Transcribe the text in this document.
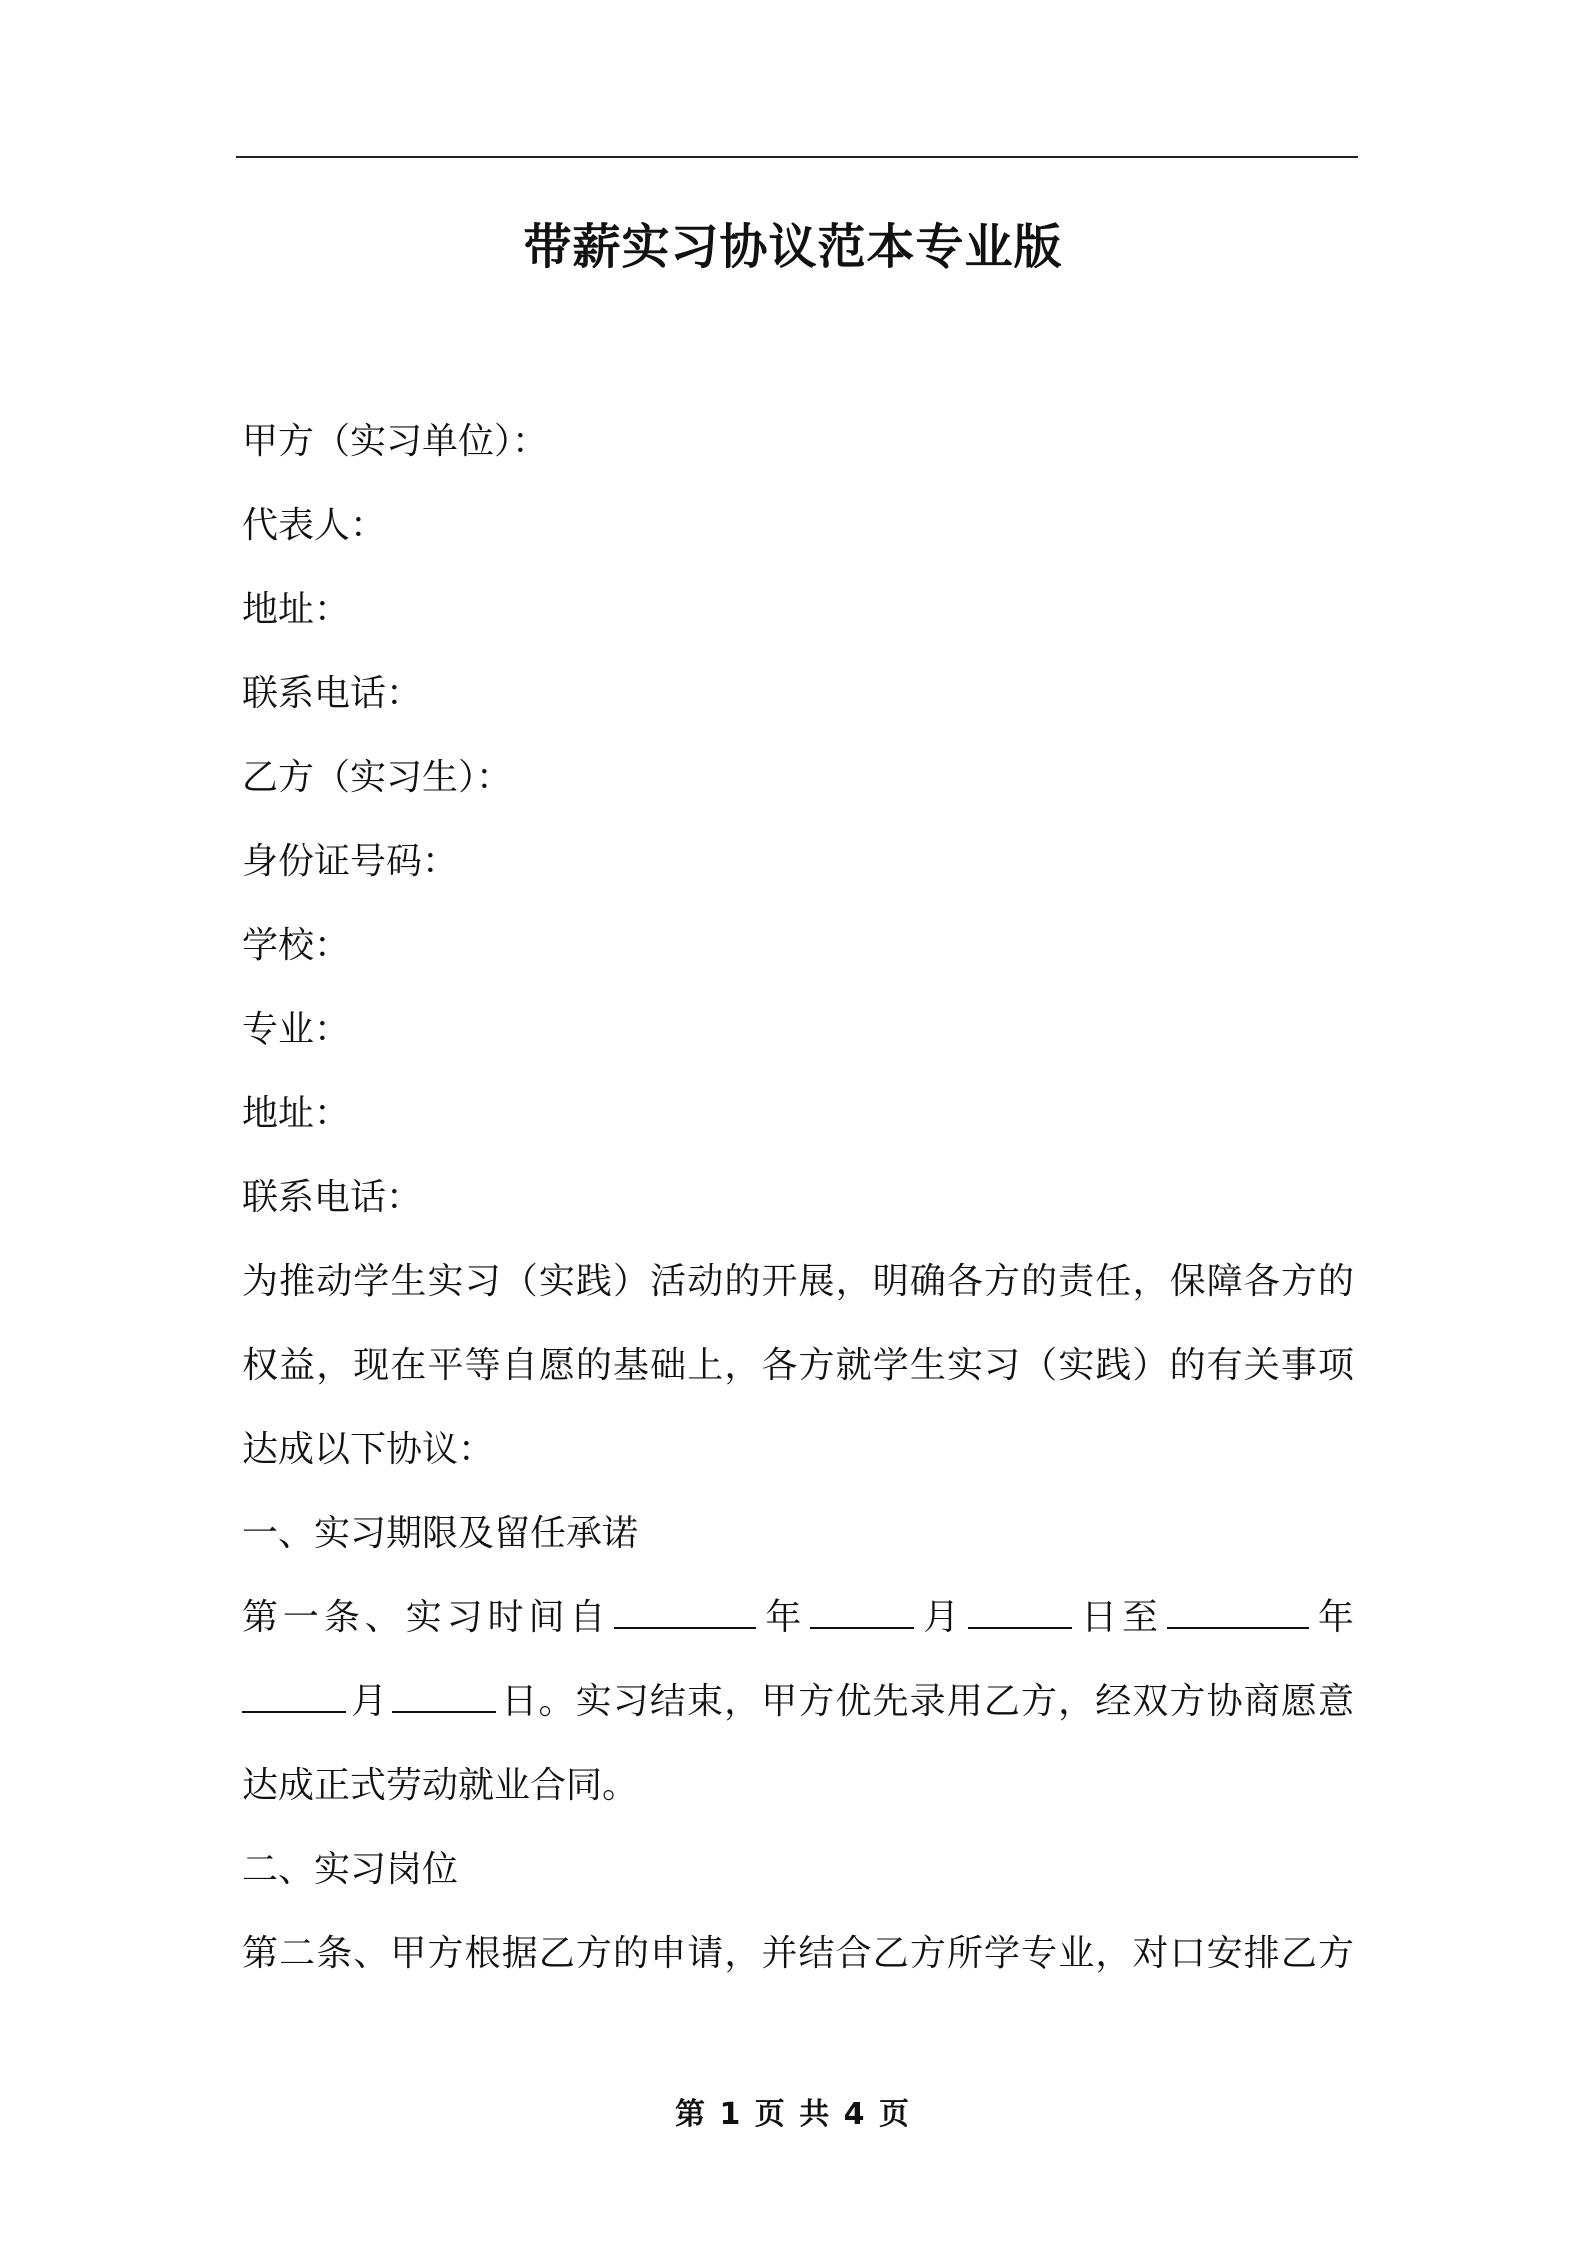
带薪实习协议范本专业版

甲方（实习单位）：

代表人：

地址：

联系电话：

乙方（实习生）：

身份证号码：

学校：

专业：

地址：

联系电话：

为推动学生实习（实践）活动的开展，明确各方的责任，保障各方的

权益，现在平等自愿的基础上，各方就学生实习（实践）的有关事项

达成以下协议：

一、实习期限及留任承诺

第一条、实习时间自	年	月	日至	年

月	日。实习结束，甲方优先录用乙方，经双方协商愿意

达成正式劳动就业合同。

二、实习岗位

第二条、甲方根据乙方的申请，并结合乙方所学专业，对口安排乙方

第 1 页 共 4 页
